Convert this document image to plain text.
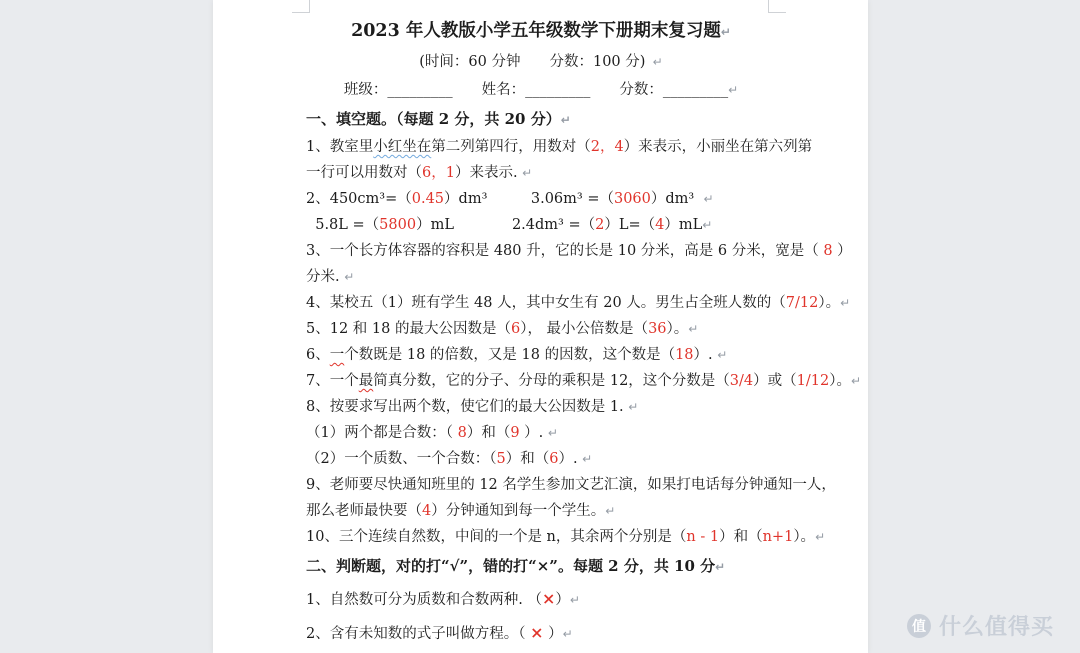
2023 年人教版小学五年级数学下册期末复习题↵
(时间：60 分钟　　分数：100 分) ↵
班级：_________　　姓名：_________　　分数：_________↵
一、填空题。（每题 2 分，共 20 分）↵
1、教室里小红坐在第二列第四行，用数对（2，4）来表示，小丽坐在第六列第
一行可以用数对（6，1）来表示. ↵
2、450cm³=（0.45）dm³　　　3.06m³ =（3060）dm³  ↵
5.8L =（5800）mL　　　　2.4dm³ =（2）L=（4）mL↵
3、一个长方体容器的容积是 480 升，它的长是 10 分米，高是 6 分米，宽是（ 8 ）
分米. ↵
4、某校五（1）班有学生 48 人，其中女生有 20 人。男生占全班人数的（7/12）。↵
5、12 和 18 的最大公因数是（6）， 最小公倍数是（36）。↵
6、一个数既是 18 的倍数，又是 18 的因数，这个数是（18）. ↵
7、一个最简真分数，它的分子、分母的乘积是 12，这个分数是（3/4）或（1/12）。↵
8、按要求写出两个数，使它们的最大公因数是 1. ↵
（1）两个都是合数：（ 8）和（9 ）. ↵
（2）一个质数、一个合数：（5）和（6）. ↵
9、老师要尽快通知班里的 12 名学生参加文艺汇演，如果打电话每分钟通知一人，
那么老师最快要（4）分钟通知到每一个学生。↵
10、三个连续自然数，中间的一个是 n，其余两个分别是（n - 1）和（n+1）。↵
二、判断题，对的打“√”，错的打“×”。每题 2 分，共 10 分↵
1、自然数可分为质数和合数两种. （×）↵
2、含有未知数的式子叫做方程。（ × ）↵	值 什么值得买
